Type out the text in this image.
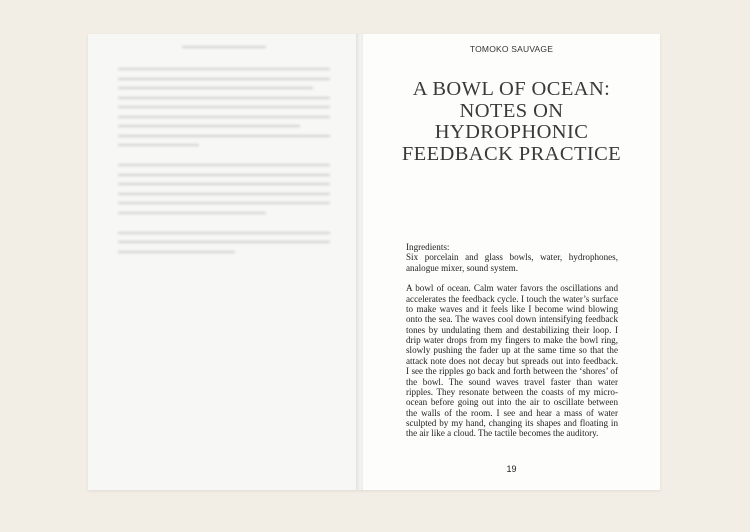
TOMOKO SAUVAGE
A BOWL OF OCEAN: NOTES ON HYDROPHONIC FEEDBACK PRACTICE

Ingredients:
Six porcelain and glass bowls, water, hydrophones, analogue mixer, sound system.

A bowl of ocean. Calm water favors the oscillations and accelerates the feedback cycle. I touch the water’s surface to make waves and it feels like I become wind blowing onto the sea. The waves cool down intensifying feedback tones by undulating them and destabilizing their loop. I drip water drops from my fingers to make the bowl ring, slowly pushing the fader up at the same time so that the attack note does not decay but spreads out into feedback. I see the ripples go back and forth between the ‘shores’ of the bowl. The sound waves travel faster than water ripples. They resonate between the coasts of my micro-ocean before going out into the air to oscillate between the walls of the room. I see and hear a mass of water sculpted by my hand, changing its shapes and floating in the air like a cloud. The tactile becomes the auditory.

19
